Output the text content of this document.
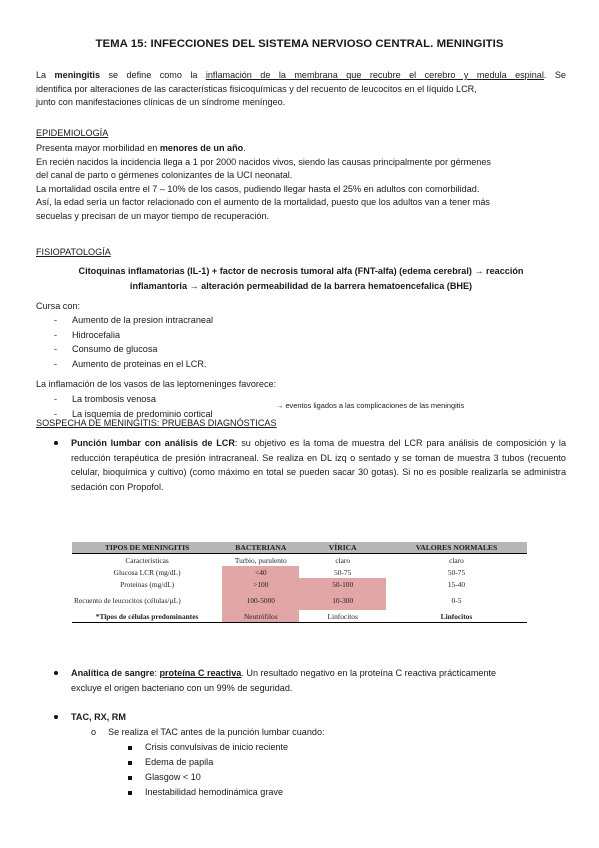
TEMA 15: INFECCIONES DEL SISTEMA NERVIOSO CENTRAL. MENINGITIS
La meningitis se define como la inflamación de la membrana que recubre el cerebro y medula espinal. Se
identifica por alteraciones de las características fisicoquímicas y del recuento de leucocitos en el líquido LCR,
junto con manifestaciones clínicas de un síndrome meníngeo.
EPIDEMIOLOGÍA
Presenta mayor morbilidad en menores de un año.
En recién nacidos la incidencia llega a 1 por 2000 nacidos vivos, siendo las causas principalmente por gérmenes
del canal de parto o gérmenes colonizantes de la UCI neonatal.
La mortalidad oscila entre el 7 – 10% de los casos, pudiendo llegar hasta el 25% en adultos con comorbilidad.
Así, la edad sería un factor relacionado con el aumento de la mortalidad, puesto que los adultos van a tener más
secuelas y precisan de un mayor tiempo de recuperación.
FISIOPATOLOGÍA
Citoquinas inflamatorias (IL-1) + factor de necrosis tumoral alfa (FNT-alfa) (edema cerebral) → reacción
inflamantoria → alteración permeabilidad de la barrera hematoencefalica (BHE)
Cursa con:
- Aumento de la presion intracraneal
- Hidrocefalia
- Consumo de glucosa
- Aumento de proteinas en el LCR.
La inflamación de los vasos de las leptomeninges favorece:
- La trombosis venosa
- La isquemia de predominio cortical
→ eventos ligados a las complicaciones de las meningitis
SOSPECHA DE MENINGITIS: PRUEBAS DIAGNÓSTICAS
Punción lumbar con análisis de LCR: su objetivo es la toma de muestra del LCR para análisis de composición y la reducción terapéutica de presión intracraneal. Se realiza en DL izq o sentado y se toman de muestra 3 tubos (recuento celular, bioquímica y cultivo) (como máximo en total se pueden sacar 30 gotas). Si no es posible realizarla se administra sedación con Propofol.
TIPOS DE MENINGITIS	BACTERIANA	VÍRICA	VALORES NORMALES
Características	Turbio, purulento	claro	claro
Glucosa LCR (mg/dL)	<40	50-75	50-75
Proteínas (mg/dL)	>100	50-100	15-40
Recuento de leucocitos (células/µL)	100-5000	10-300	0-5
*Tipos de células predominantes	Neutrófilos	Linfocitos	Linfocitos
Analítica de sangre: proteína C reactiva. Un resultado negativo en la proteína C reactiva prácticamente
excluye el origen bacteriano con un 99% de seguridad.
TAC, RX, RM
o Se realiza el TAC antes de la punción lumbar cuando:
Crisis convulsivas de inicio reciente
Edema de papila
Glasgow < 10
Inestabilidad hemodinámica grave
